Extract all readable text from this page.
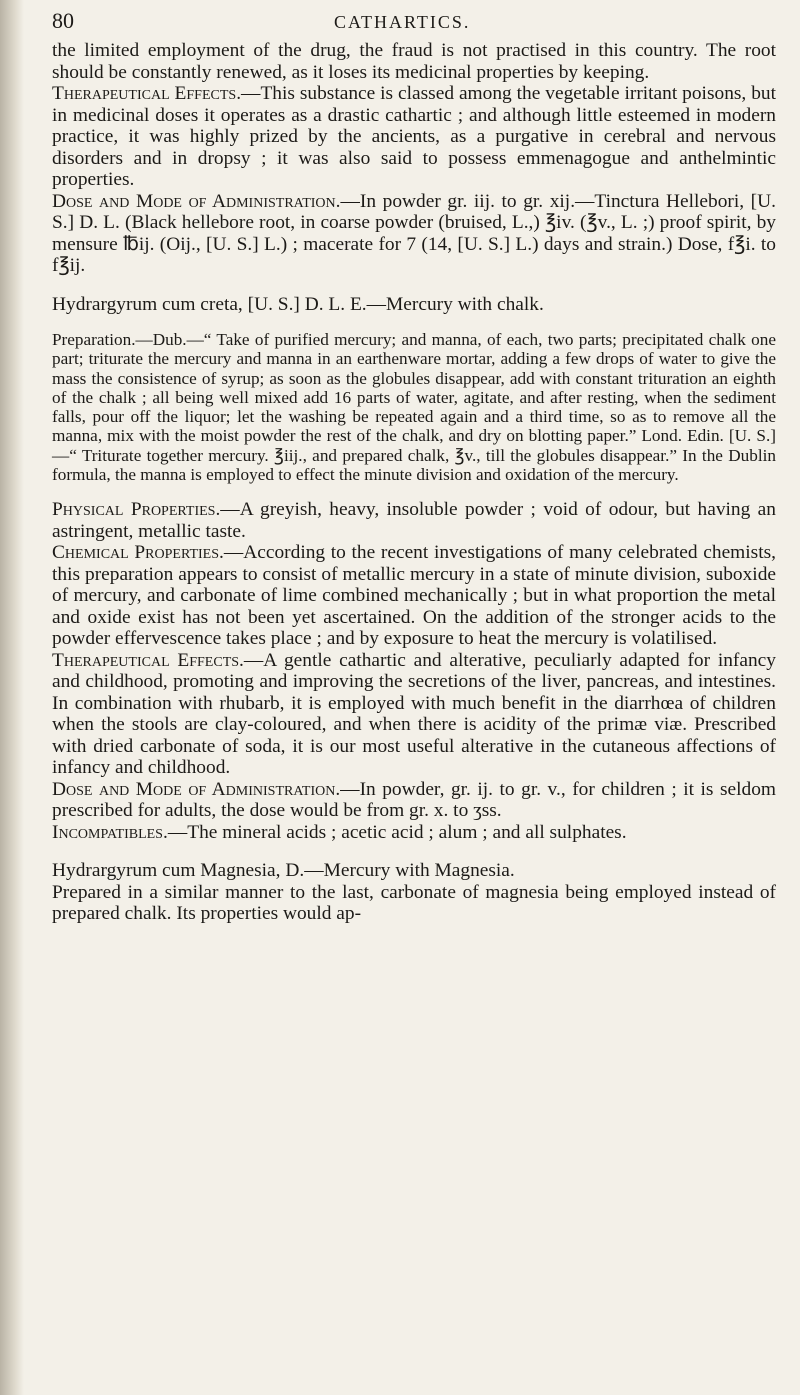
80	CATHARTICS.

the limited employment of the drug, the fraud is not practised in this country. The root should be constantly renewed, as it loses its medicinal properties by keeping.

Therapeutical Effects.—This substance is classed among the vegetable irritant poisons, but in medicinal doses it operates as a drastic cathartic ; and although little esteemed in modern practice, it was highly prized by the ancients, as a purgative in cerebral and nervous disorders and in dropsy ; it was also said to possess emmenagogue and anthelmintic properties.

Dose and Mode of Administration.—In powder gr. iij. to gr. xij.—Tinctura Hellebori, [U. S.] D. L. (Black hellebore root, in coarse powder (bruised, L.,) ℥iv. (℥v., L. ;) proof spirit, by mensure ℔ij. (Oij., [U. S.] L.) ; macerate for 7 (14, [U. S.] L.) days and strain.) Dose, f℥i. to f℥ij.

Hydrargyrum cum creta, [U. S.] D. L. E.—Mercury with chalk.

Preparation.—Dub.—“ Take of purified mercury; and manna, of each, two parts; precipitated chalk one part; triturate the mercury and manna in an earthenware mortar, adding a few drops of water to give the mass the consistence of syrup; as soon as the globules disappear, add with constant trituration an eighth of the chalk ; all being well mixed add 16 parts of water, agitate, and after resting, when the sediment falls, pour off the liquor; let the washing be repeated again and a third time, so as to remove all the manna, mix with the moist powder the rest of the chalk, and dry on blotting paper.” Lond. Edin. [U. S.]—“ Triturate together mercury. ℥iij., and prepared chalk, ℥v., till the globules disappear.” In the Dublin formula, the manna is employed to effect the minute division and oxidation of the mercury.

Physical Properties.—A greyish, heavy, insoluble powder ; void of odour, but having an astringent, metallic taste.

Chemical Properties.—According to the recent investigations of many celebrated chemists, this preparation appears to consist of metallic mercury in a state of minute division, suboxide of mercury, and carbonate of lime combined mechanically ; but in what proportion the metal and oxide exist has not been yet ascertained. On the addition of the stronger acids to the powder effervescence takes place ; and by exposure to heat the mercury is volatilised.

Therapeutical Effects.—A gentle cathartic and alterative, peculiarly adapted for infancy and childhood, promoting and improving the secretions of the liver, pancreas, and intestines. In combination with rhubarb, it is employed with much benefit in the diarrhœa of children when the stools are clay-coloured, and when there is acidity of the primæ viæ. Prescribed with dried carbonate of soda, it is our most useful alterative in the cutaneous affections of infancy and childhood.

Dose and Mode of Administration.—In powder, gr. ij. to gr. v., for children ; it is seldom prescribed for adults, the dose would be from gr. x. to ʒss.

Incompatibles.—The mineral acids ; acetic acid ; alum ; and all sulphates.

Hydrargyrum cum Magnesia, D.—Mercury with Magnesia.

Prepared in a similar manner to the last, carbonate of magnesia being employed instead of prepared chalk. Its properties would ap-
